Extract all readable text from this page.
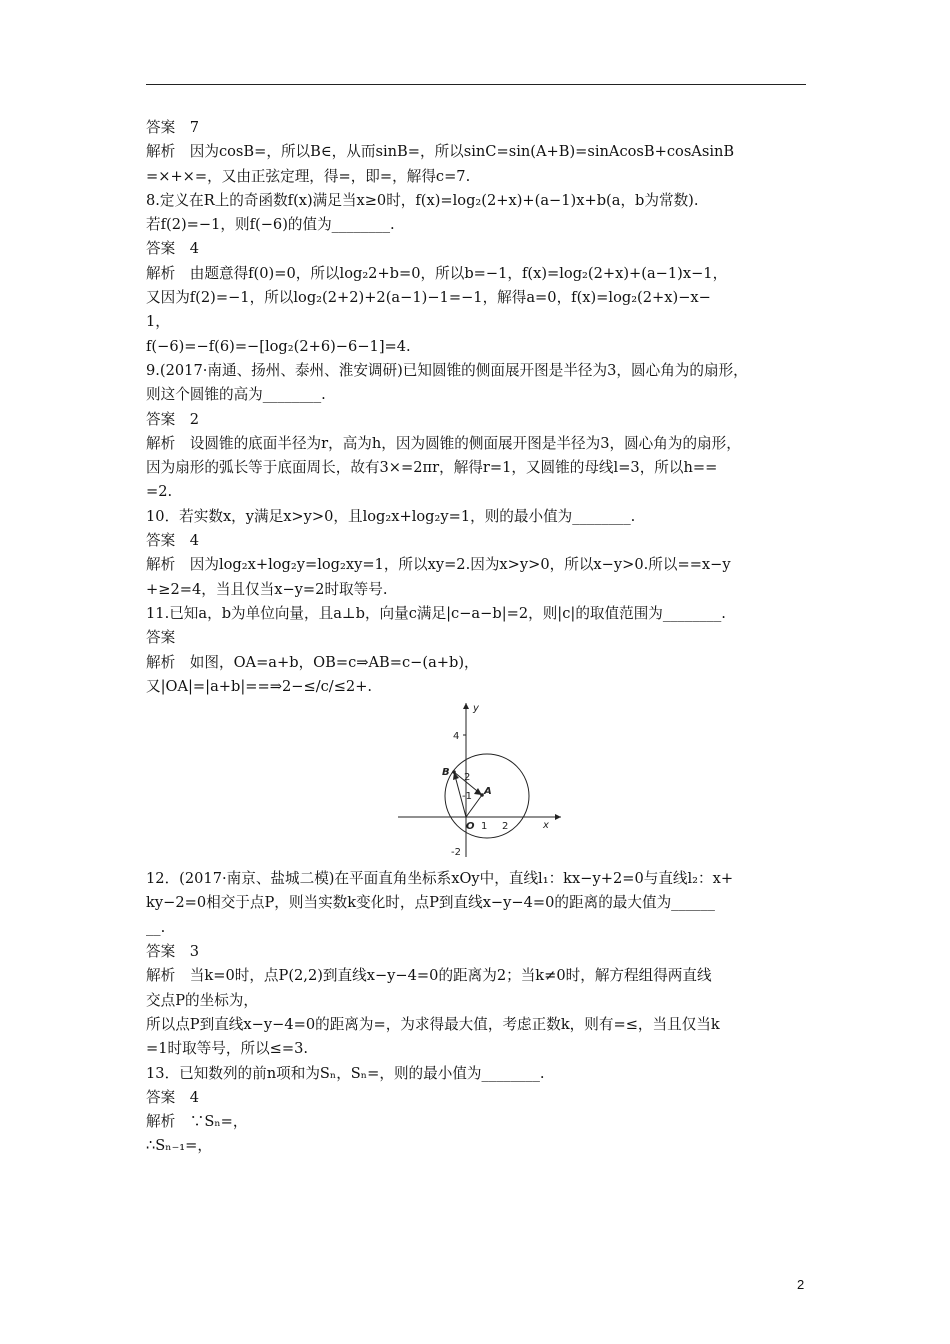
答案　7
解析　因为cosB=，所以B∈，从而sinB=，所以sinC=sin(A+B)=sinAcosB+cosAsinB
=×+×=，又由正弦定理，得=，即=，解得c=7.
8.定义在R上的奇函数f(x)满足当x≥0时，f(x)=log₂(2+x)+(a−1)x+b(a，b为常数).
若f(2)=−1，则f(−6)的值为________.
答案　4
解析　由题意得f(0)=0，所以log₂2+b=0，所以b=−1，f(x)=log₂(2+x)+(a−1)x−1，
又因为f(2)=−1，所以log₂(2+2)+2(a−1)−1=−1，解得a=0，f(x)=log₂(2+x)−x−
1，
f(−6)=−f(6)=−[log₂(2+6)−6−1]=4.
9.(2017·南通、扬州、泰州、淮安调研)已知圆锥的侧面展开图是半径为3，圆心角为的扇形，
则这个圆锥的高为________.
答案　2
解析　设圆锥的底面半径为r，高为h，因为圆锥的侧面展开图是半径为3，圆心角为的扇形，
因为扇形的弧长等于底面周长，故有3×=2πr，解得r=1，又圆锥的母线l=3，所以h==
=2.
10．若实数x，y满足x>y>0，且log₂x+log₂y=1，则的最小值为________.
答案　4
解析　因为log₂x+log₂y=log₂xy=1，所以xy=2.因为x>y>0，所以x−y>0.所以==x−y
+≥2=4，当且仅当x−y=2时取等号.
11.已知a，b为单位向量，且a⊥b，向量c满足|c−a−b|=2，则|c|的取值范围为________.
答案
解析　如图，OA=a+b，OB=c⇒AB=c−(a+b)，
又|OA|=|a+b|==⇒2−≤/c/≤2+.
y
x
4
2
1 2
-1
-2
A
B
O
12．(2017·南京、盐城二模)在平面直角坐标系xOy中，直线l₁：kx−y+2=0与直线l₂：x+
ky−2=0相交于点P，则当实数k变化时，点P到直线x−y−4=0的距离的最大值为______
__.
答案　3
解析　当k=0时，点P(2,2)到直线x−y−4=0的距离为2；当k≠0时，解方程组得两直线
交点P的坐标为，
所以点P到直线x−y−4=0的距离为=，为求得最大值，考虑正数k，则有=≤，当且仅当k
=1时取等号，所以≤=3.
13．已知数列的前n项和为Sₙ，Sₙ=，则的最小值为________.
答案　4
解析　∵Sₙ=，
∴Sₙ₋₁=，
2
